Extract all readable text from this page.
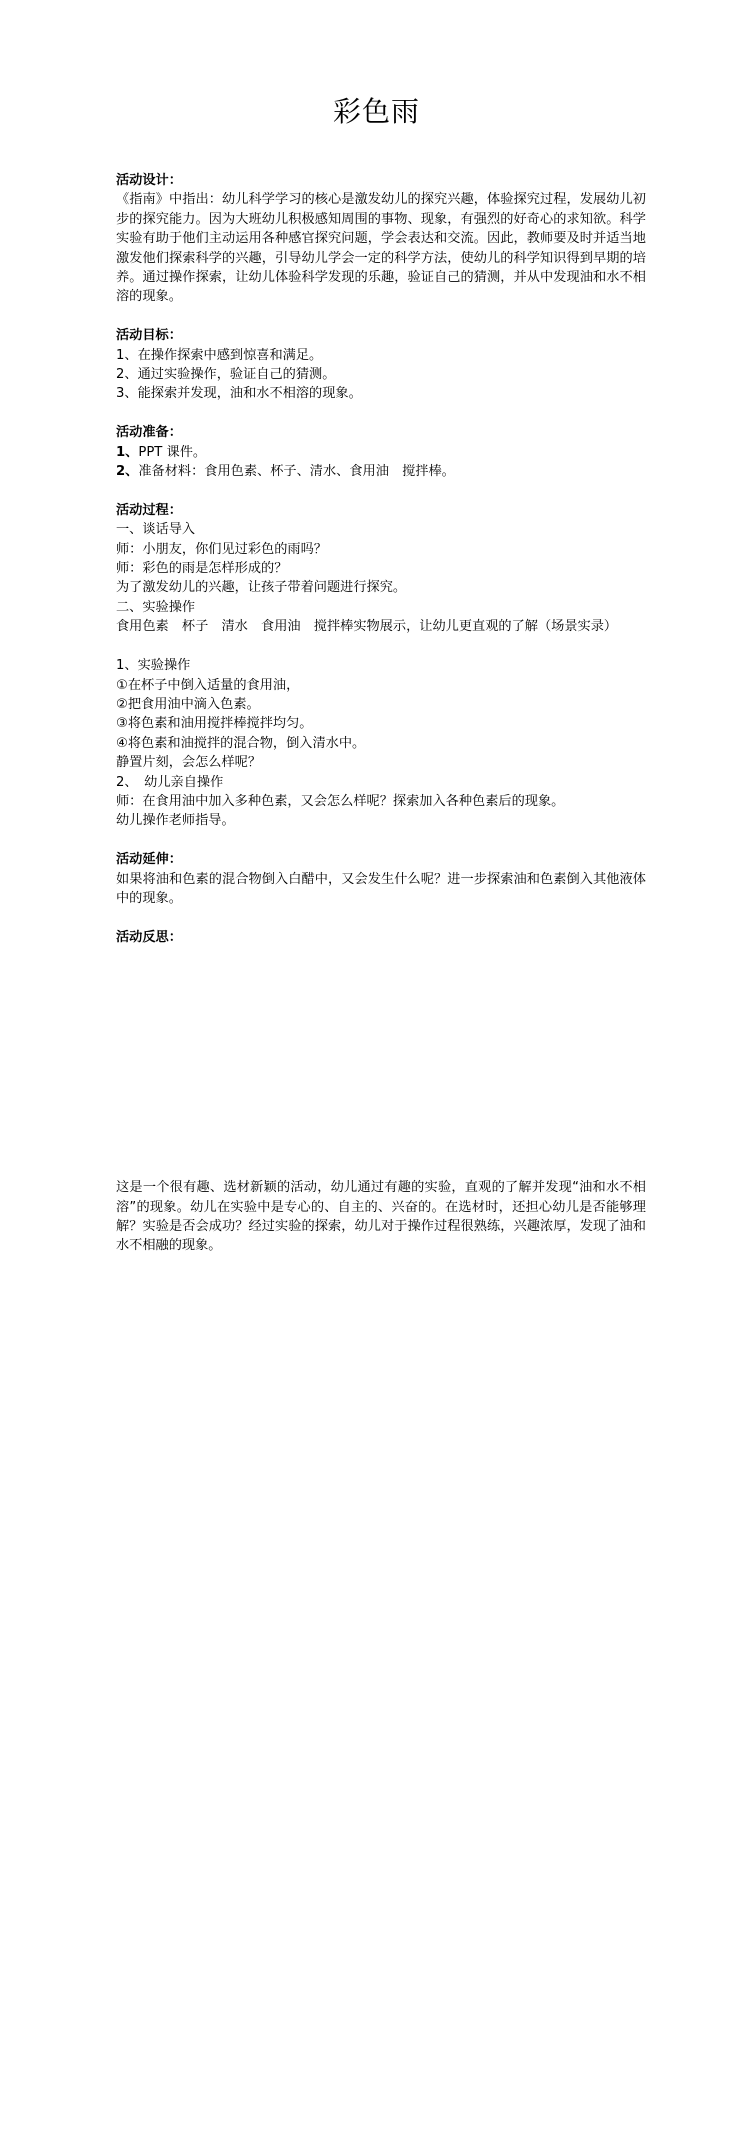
彩色雨

活动设计：

《指南》中指出：幼儿科学学习的核心是激发幼儿的探究兴趣，体验探究过程，发展幼儿初步的探究能力。因为大班幼儿积极感知周围的事物、现象，有强烈的好奇心的求知欲。科学实验有助于他们主动运用各种感官探究问题，学会表达和交流。因此，教师要及时并适当地激发他们探索科学的兴趣，引导幼儿学会一定的科学方法，使幼儿的科学知识得到早期的培养。通过操作探索，让幼儿体验科学发现的乐趣，验证自己的猜测，并从中发现油和水不相溶的现象。

活动目标：

1、在操作探索中感到惊喜和满足。

2、通过实验操作，验证自己的猜测。

3、能探索并发现，油和水不相溶的现象。

活动准备：

1、PPT 课件。

2、准备材料：食用色素、杯子、清水、食用油　搅拌棒。

活动过程：

一、谈话导入

师：小朋友，你们见过彩色的雨吗？

师：彩色的雨是怎样形成的？

为了激发幼儿的兴趣，让孩子带着问题进行探究。

二、实验操作

食用色素　杯子　清水　食用油　搅拌棒实物展示，让幼儿更直观的了解（场景实录）

1、实验操作

①在杯子中倒入适量的食用油，

②把食用油中滴入色素。

③将色素和油用搅拌棒搅拌均匀。

④将色素和油搅拌的混合物，倒入清水中。

静置片刻，会怎么样呢？

2、　幼儿亲自操作

师：在食用油中加入多种色素，又会怎么样呢？探索加入各种色素后的现象。

幼儿操作老师指导。

活动延伸：

如果将油和色素的混合物倒入白醋中，又会发生什么呢？进一步探索油和色素倒入其他液体中的现象。

活动反思：

这是一个很有趣、选材新颖的活动，幼儿通过有趣的实验，直观的了解并发现“油和水不相溶”的现象。幼儿在实验中是专心的、自主的、兴奋的。在选材时，还担心幼儿是否能够理解？实验是否会成功？经过实验的探索，幼儿对于操作过程很熟练，兴趣浓厚，发现了油和水不相融的现象。
